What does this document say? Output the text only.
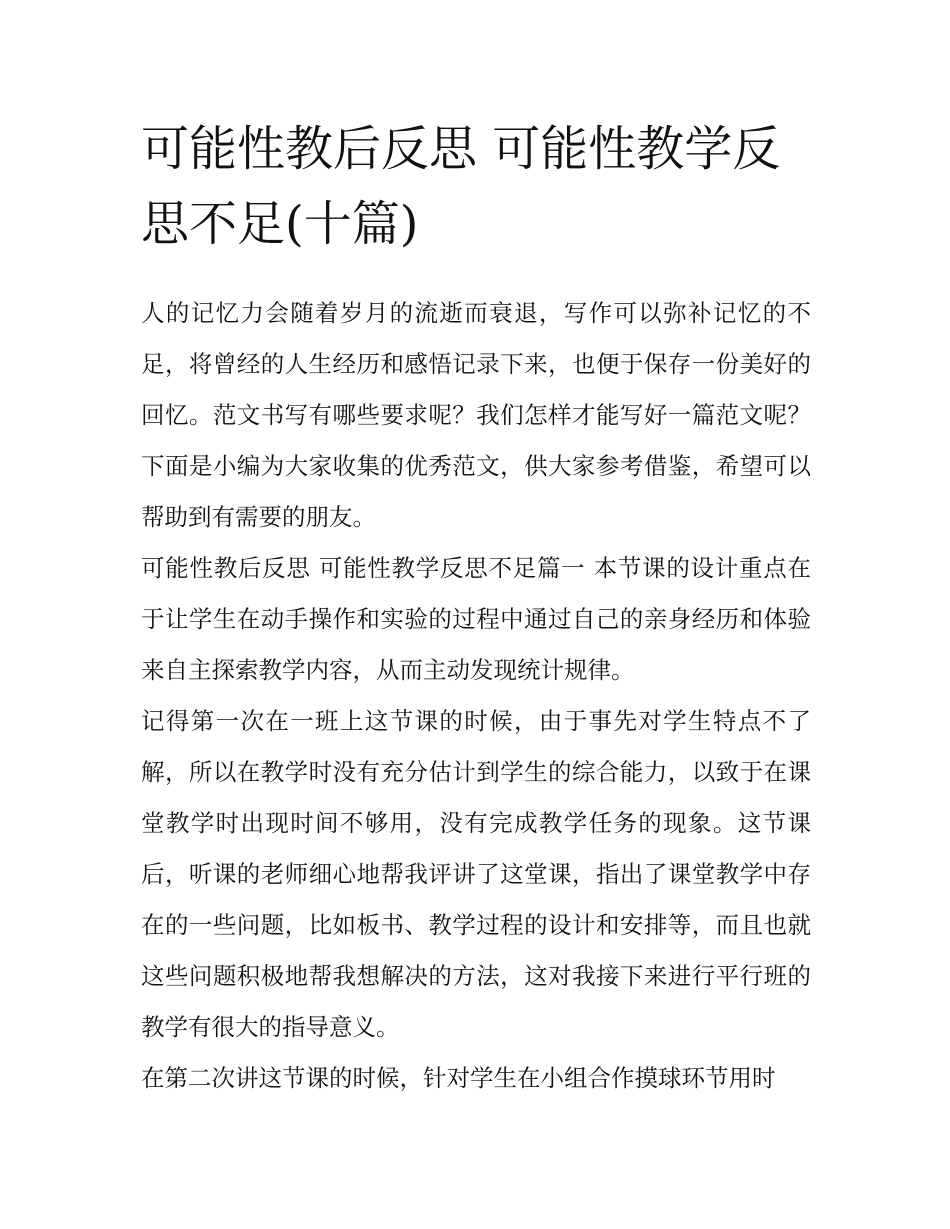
可能性教后反思 可能性教学反思不足(十篇)

人的记忆力会随着岁月的流逝而衰退，写作可以弥补记忆的不足，将曾经的人生经历和感悟记录下来，也便于保存一份美好的回忆。范文书写有哪些要求呢？我们怎样才能写好一篇范文呢？下面是小编为大家收集的优秀范文，供大家参考借鉴，希望可以帮助到有需要的朋友。

可能性教后反思 可能性教学反思不足篇一 本节课的设计重点在于让学生在动手操作和实验的过程中通过自己的亲身经历和体验来自主探索教学内容，从而主动发现统计规律。

记得第一次在一班上这节课的时候，由于事先对学生特点不了解，所以在教学时没有充分估计到学生的综合能力，以致于在课堂教学时出现时间不够用，没有完成教学任务的现象。这节课后，听课的老师细心地帮我评讲了这堂课，指出了课堂教学中存在的一些问题，比如板书、教学过程的设计和安排等，而且也就这些问题积极地帮我想解决的方法，这对我接下来进行平行班的教学有很大的指导意义。

在第二次讲这节课的时候，针对学生在小组合作摸球环节用时
